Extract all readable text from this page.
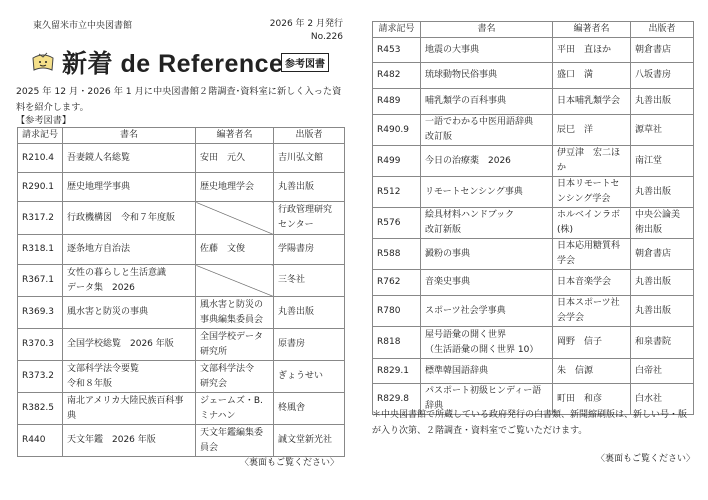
東久留米市立中央図書館	2026 年 2 月発行
No.226
新着 de Reference 参考図書
2025 年 12 月・2026 年 1 月に中央図書館２階調査･資料室に新しく入った資料を紹介します。
【参考図書】
請求記号	書名	編著者名	出版者
R210.4	吾妻鏡人名総覧	安田　元久	吉川弘文館
R290.1	歴史地理学事典	歴史地理学会	丸善出版
R317.2	行政機構図　令和７年度版		行政管理研究
センター
R318.1	逐条地方自治法	佐藤　文俊	学陽書房
R367.1	女性の暮らしと生活意識
データ集　2026		三冬社
R369.3	風水害と防災の事典	風水害と防災の
事典編集委員会	丸善出版
R370.3	全国学校総覧　2026 年版	全国学校データ
研究所	原書房
R373.2	文部科学法令要覧
令和８年版	文部科学法令
研究会	ぎょうせい
R382.5	南北アメリカ大陸民族百科事
典	ジェームズ・B.
ミナハン	柊風舎
R440	天文年鑑　2026 年版	天文年鑑編集委
員会	誠文堂新光社
請求記号	書名	編著者名	出版者
R453	地震の大事典	平田　直ほか	朝倉書店
R482	琉球動物民俗事典	盛口　満	八坂書房
R489	哺乳類学の百科事典	日本哺乳類学会	丸善出版
R490.9	一語でわかる中医用語辞典
改訂版	辰巳　洋	源草社
R499	今日の治療薬　2026	伊豆津　宏二ほか	南江堂
R512	リモートセンシング事典	日本リモートセ
ンシング学会	丸善出版
R576	絵具材料ハンドブック
改訂新版	ホルベインラボ
(株)	中央公論美
術出版
R588	澱粉の事典	日本応用糖質科
学会	朝倉書店
R762	音楽史事典	日本音楽学会	丸善出版
R780	スポーツ社会学事典	日本スポーツ社
会学会	丸善出版
R818	屋号語彙の開く世界
（生活語彙の開く世界 10）	岡野　信子	和泉書院
R829.1	標準韓国語辞典	朱　信源	白帝社
R829.8	パスポート初級ヒンディー語
辞典	町田　和彦	白水社
〈裏面もご覧ください〉
＊中央図書館で所蔵している政府発行の白書類、新聞縮刷版は、新しい号・版が入り次第、２階調査・資料室でご覧いただけます。
〈裏面もご覧ください〉
